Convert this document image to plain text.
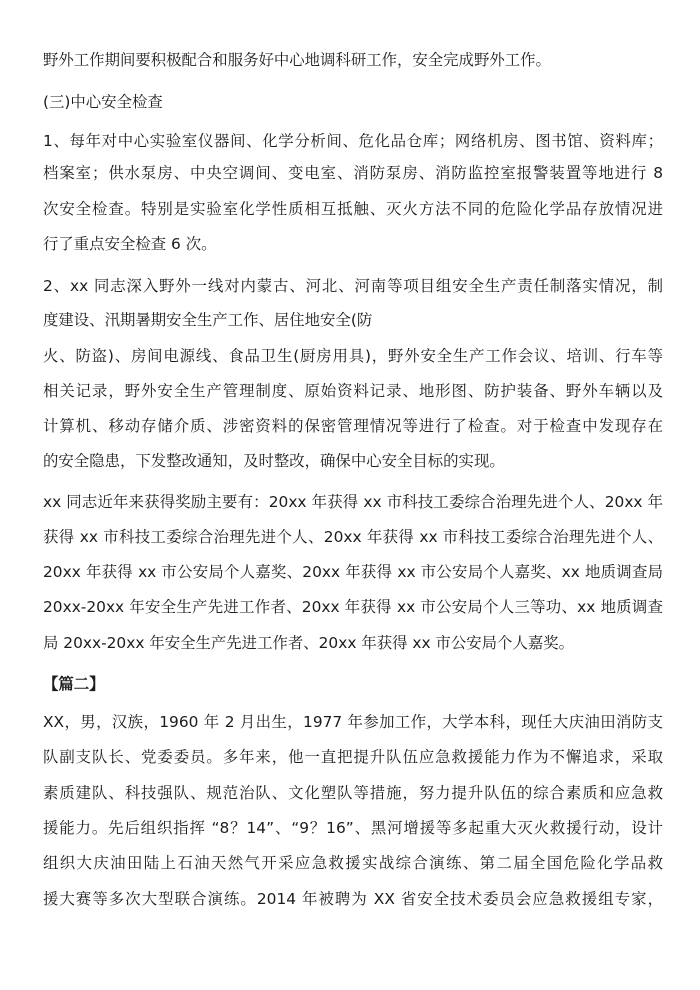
野外工作期间要积极配合和服务好中心地调科研工作，安全完成野外工作。
(三)中心安全检查
1、每年对中心实验室仪器间、化学分析间、危化品仓库；网络机房、图书馆、资料库；
档案室；供水泵房、中央空调间、变电室、消防泵房、消防监控室报警装置等地进行 8
次安全检查。特别是实验室化学性质相互抵触、灭火方法不同的危险化学品存放情况进
行了重点安全检查 6 次。
2、xx 同志深入野外一线对内蒙古、河北、河南等项目组安全生产责任制落实情况，制
度建设、汛期暑期安全生产工作、居住地安全(防
火、防盗)、房间电源线、食品卫生(厨房用具)，野外安全生产工作会议、培训、行车等
相关记录，野外安全生产管理制度、原始资料记录、地形图、防护装备、野外车辆以及
计算机、移动存储介质、涉密资料的保密管理情况等进行了检查。对于检查中发现存在
的安全隐患，下发整改通知，及时整改，确保中心安全目标的实现。
xx 同志近年来获得奖励主要有：20xx 年获得 xx 市科技工委综合治理先进个人、20xx 年
获得 xx 市科技工委综合治理先进个人、20xx 年获得 xx 市科技工委综合治理先进个人、
20xx 年获得 xx 市公安局个人嘉奖、20xx 年获得 xx 市公安局个人嘉奖、xx 地质调查局
20xx-20xx 年安全生产先进工作者、20xx 年获得 xx 市公安局个人三等功、xx 地质调查
局 20xx-20xx 年安全生产先进工作者、20xx 年获得 xx 市公安局个人嘉奖。
【篇二】
XX，男，汉族，1960 年 2 月出生，1977 年参加工作，大学本科，现任大庆油田消防支
队副支队长、党委委员。多年来，他一直把提升队伍应急救援能力作为不懈追求，采取
素质建队、科技强队、规范治队、文化塑队等措施，努力提升队伍的综合素质和应急救
援能力。先后组织指挥 “8？14”、“9？16”、黑河增援等多起重大灭火救援行动，设计
组织大庆油田陆上石油天然气开采应急救援实战综合演练、第二届全国危险化学品救
援大赛等多次大型联合演练。2014 年被聘为 XX 省安全技术委员会应急救援组专家，
